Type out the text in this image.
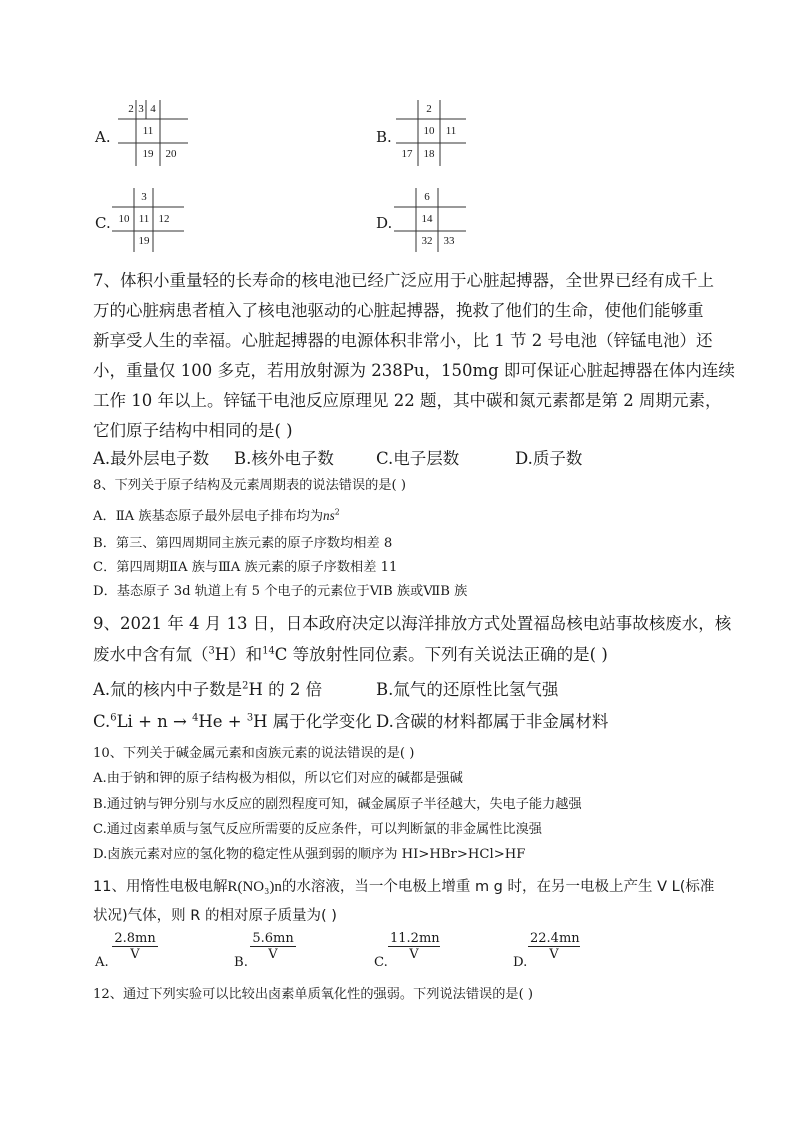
A.
2 3 4
11
19	20
B.
2
10	11
17	18
C.
3
10 11 12
19
D.
6
14
32	33
7、体积小重量轻的长寿命的核电池已经广泛应用于心脏起搏器，全世界已经有成千上
万的心脏病患者植入了核电池驱动的心脏起搏器，挽救了他们的生命，使他们能够重
新享受人生的幸福。心脏起搏器的电源体积非常小，比 1 节 2 号电池（锌锰电池）还
小，重量仅 100 多克，若用放射源为 238Pu，150mg 即可保证心脏起搏器在体内连续
工作 10 年以上。锌锰干电池反应原理见 22 题，其中碳和氮元素都是第 2 周期元素，
它们原子结构中相同的是( )
A.最外层电子数 B.核外电子数	C.电子层数	D.质子数
8、下列关于原子结构及元素周期表的说法错误的是( )
A．ⅡA 族基态原子最外层电子排布均为$ns^2$
B．第三、第四周期同主族元素的原子序数均相差 8
C．第四周期ⅡA 族与ⅢA 族元素的原子序数相差 11
D．基态原子 3d 轨道上有 5 个电子的元素位于ⅥB 族或ⅦB 族
9、2021 年 4 月 13 日，日本政府决定以海洋排放方式处置福岛核电站事故核废水，核
废水中含有氚（$^3$H）和$^{14}$C 等放射性同位素。下列有关说法正确的是( )
A.氚的核内中子数是$^2$H 的 2 倍	B.氚气的还原性比氢气强
C.$^6$Li + n → $^4$He + $^3$H 属于化学变化 D.含碳的材料都属于非金属材料
10、下列关于碱金属元素和卤族元素的说法错误的是( )
A.由于钠和钾的原子结构极为相似，所以它们对应的碱都是强碱
B.通过钠与钾分别与水反应的剧烈程度可知，碱金属原子半径越大，失电子能力越强
C.通过卤素单质与氢气反应所需要的反应条件，可以判断氯的非金属性比溴强
D.卤族元素对应的氢化物的稳定性从强到弱的顺序为 HI>HBr>HCl>HF
11、用惰性电极电解R(NO₃)n的水溶液，当一个电极上增重 m g 时，在另一电极上产生 V L(标准
状况)气体，则 R 的相对原子质量为( )
A.
$\frac{2.8mn}{V}$
B.
$\frac{5.6mn}{V}$
C.
$\frac{11.2mn}{V}$
D.
$\frac{22.4mn}{V}$
12、通过下列实验可以比较出卤素单质氧化性的强弱。下列说法错误的是( )
